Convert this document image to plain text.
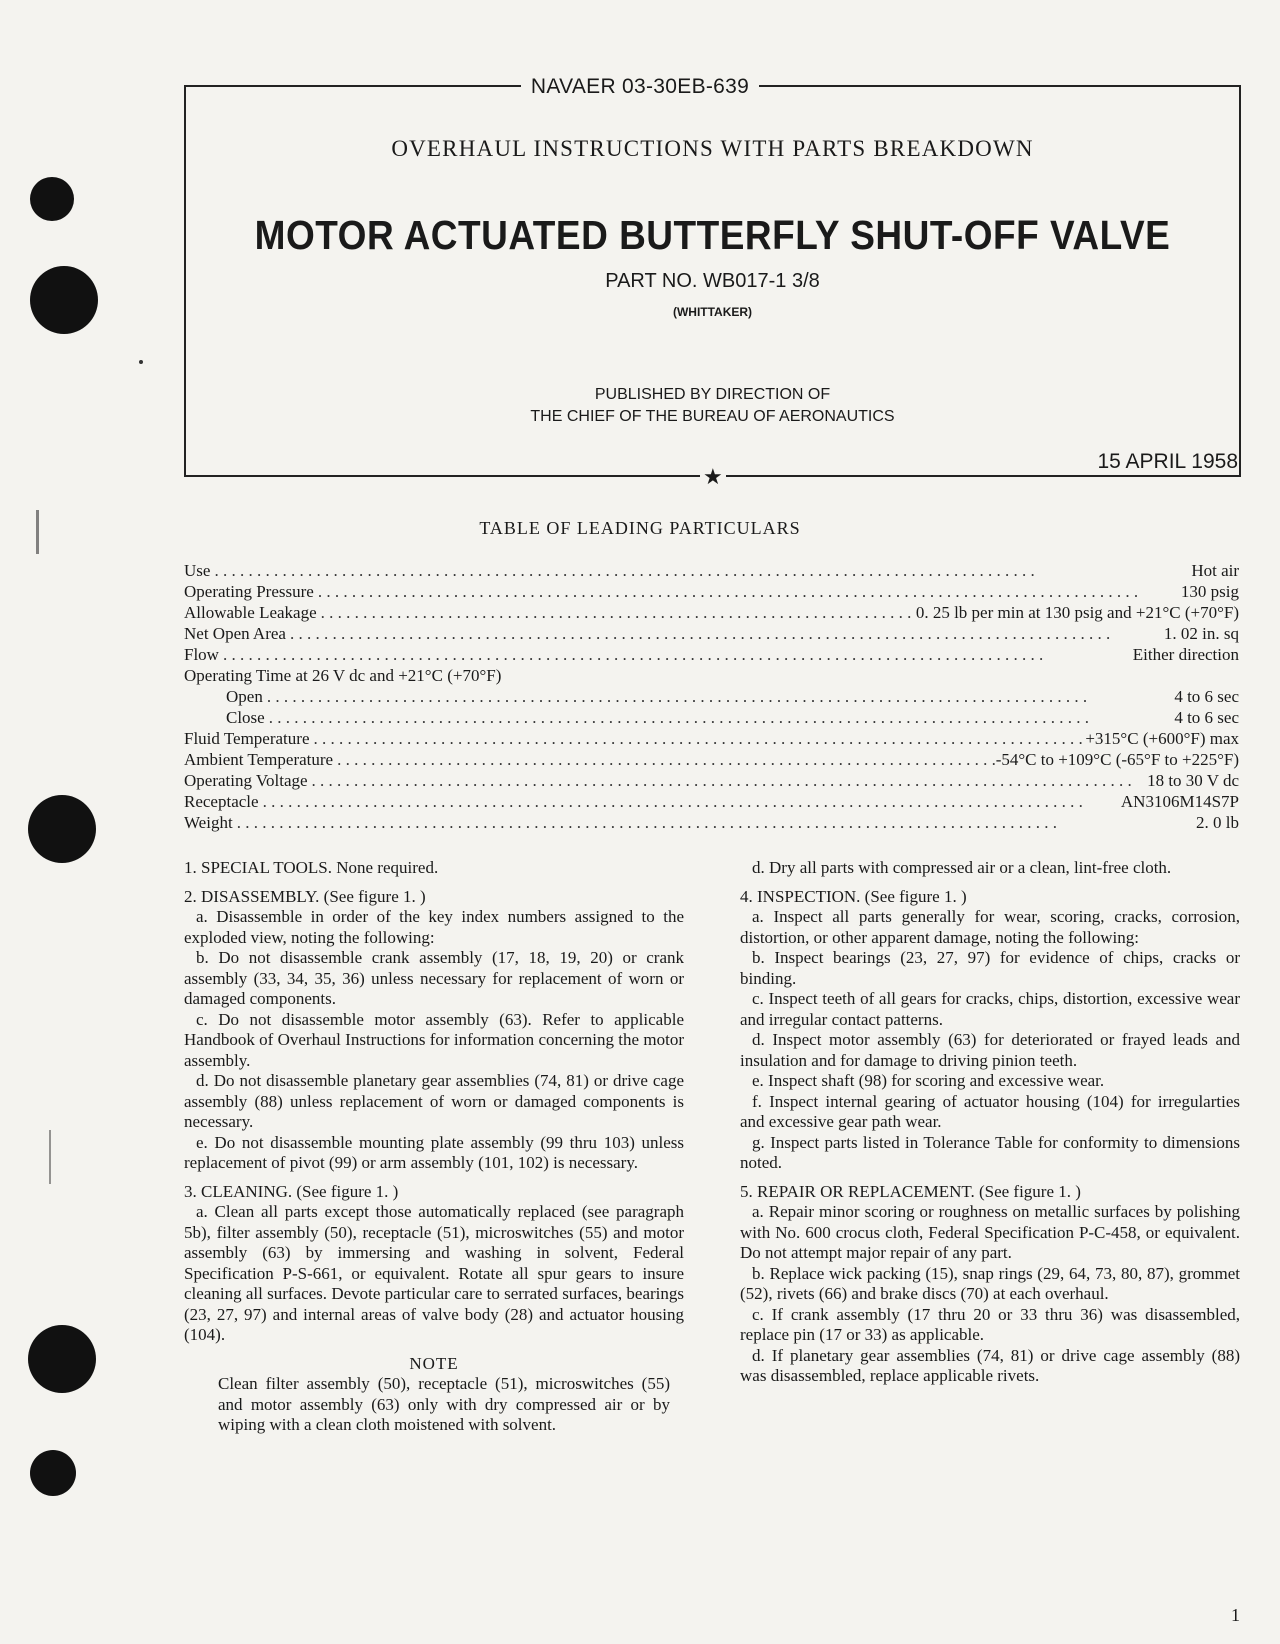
NAVAER 03-30EB-639
OVERHAUL INSTRUCTIONS WITH PARTS BREAKDOWN
MOTOR ACTUATED BUTTERFLY SHUT-OFF VALVE
PART NO. WB017-1 3/8
(WHITTAKER)
PUBLISHED BY DIRECTION OF
THE CHIEF OF THE BUREAU OF AERONAUTICS
15 APRIL 1958
★
TABLE OF LEADING PARTICULARS
Use . . .	Hot air
Operating Pressure . . .	130 psig
Allowable Leakage . . .	0. 25 lb per min at 130 psig and +21°C (+70°F)
Net Open Area . . .	1. 02 in. sq
Flow . . .	Either direction
Operating Time at 26 V dc and +21°C (+70°F)
Open . . .	4 to 6 sec
Close . . .	4 to 6 sec
Fluid Temperature . . .	+315°C (+600°F) max
Ambient Temperature . . .	-54°C to +109°C (-65°F to +225°F)
Operating Voltage . . .	18 to 30 V dc
Receptacle . . .	AN3106M14S7P
Weight . . .	2. 0 lb

1. SPECIAL TOOLS. None required.

2. DISASSEMBLY. (See figure 1. )

a. Disassemble in order of the key index numbers assigned to the exploded view, noting the following:

b. Do not disassemble crank assembly (17, 18, 19, 20) or crank assembly (33, 34, 35, 36) unless necessary for replacement of worn or damaged components.

c. Do not disassemble motor assembly (63). Refer to applicable Handbook of Overhaul Instructions for information concerning the motor assembly.

d. Do not disassemble planetary gear assemblies (74, 81) or drive cage assembly (88) unless replacement of worn or damaged components is necessary.

e. Do not disassemble mounting plate assembly (99 thru 103) unless replacement of pivot (99) or arm assembly (101, 102) is necessary.

3. CLEANING. (See figure 1. )

a. Clean all parts except those automatically replaced (see paragraph 5b), filter assembly (50), receptacle (51), microswitches (55) and motor assembly (63) by immersing and washing in solvent, Federal Specification P-S-661, or equivalent. Rotate all spur gears to insure cleaning all surfaces. Devote particular care to serrated surfaces, bearings (23, 27, 97) and internal areas of valve body (28) and actuator housing (104).

NOTE

Clean filter assembly (50), receptacle (51), microswitches (55) and motor assembly (63) only with dry compressed air or by wiping with a clean cloth moistened with solvent.

d. Dry all parts with compressed air or a clean, lint-free cloth.

4. INSPECTION. (See figure 1. )

a. Inspect all parts generally for wear, scoring, cracks, corrosion, distortion, or other apparent damage, noting the following:

b. Inspect bearings (23, 27, 97) for evidence of chips, cracks or binding.

c. Inspect teeth of all gears for cracks, chips, distortion, excessive wear and irregular contact patterns.

d. Inspect motor assembly (63) for deteriorated or frayed leads and insulation and for damage to driving pinion teeth.

e. Inspect shaft (98) for scoring and excessive wear.

f. Inspect internal gearing of actuator housing (104) for irregularties and excessive gear path wear.

g. Inspect parts listed in Tolerance Table for conformity to dimensions noted.

5. REPAIR OR REPLACEMENT. (See figure 1. )

a. Repair minor scoring or roughness on metallic surfaces by polishing with No. 600 crocus cloth, Federal Specification P-C-458, or equivalent. Do not attempt major repair of any part.

b. Replace wick packing (15), snap rings (29, 64, 73, 80, 87), grommet (52), rivets (66) and brake discs (70) at each overhaul.

c. If crank assembly (17 thru 20 or 33 thru 36) was disassembled, replace pin (17 or 33) as applicable.

d. If planetary gear assemblies (74, 81) or drive cage assembly (88) was disassembled, replace applicable rivets.

1
